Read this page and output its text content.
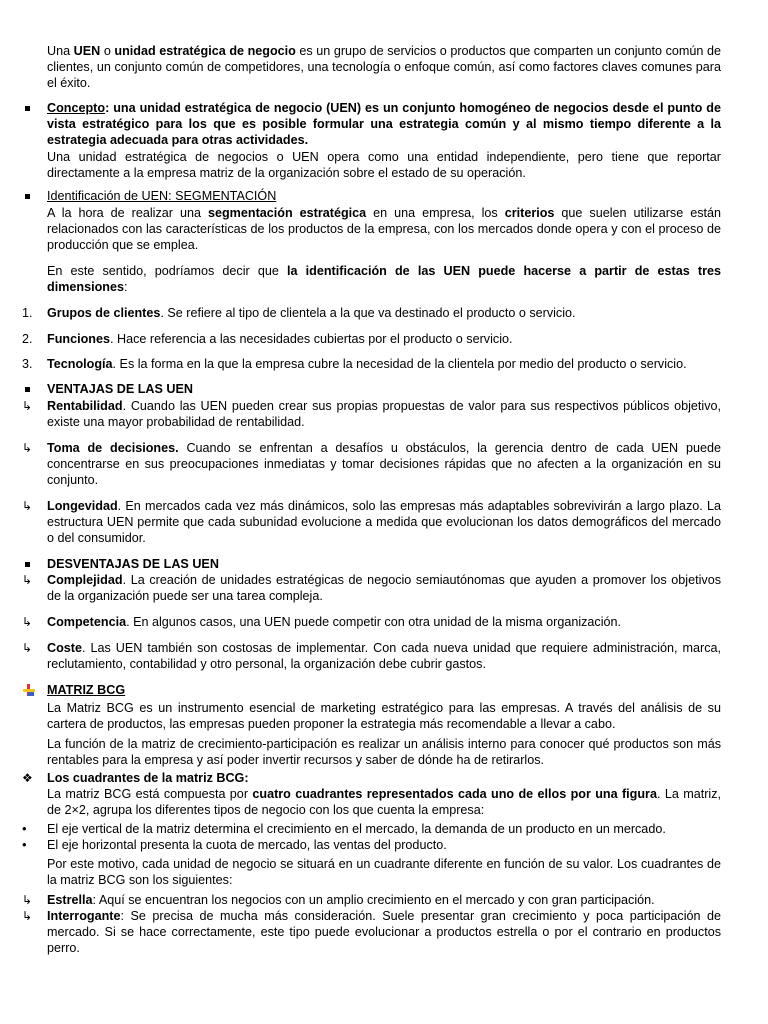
Una UEN o unidad estratégica de negocio es un grupo de servicios o productos que comparten un conjunto común de clientes, un conjunto común de competidores, una tecnología o enfoque común, así como factores claves comunes para el éxito.

Concepto: una unidad estratégica de negocio (UEN) es un conjunto homogéneo de negocios desde el punto de vista estratégico para los que es posible formular una estrategia común y al mismo tiempo diferente a la estrategia adecuada para otras actividades.

Una unidad estratégica de negocios o UEN opera como una entidad independiente, pero tiene que reportar directamente a la empresa matriz de la organización sobre el estado de su operación.

Identificación de UEN: SEGMENTACIÓN

A la hora de realizar una segmentación estratégica en una empresa, los criterios que suelen utilizarse están relacionados con las características de los productos de la empresa, con los mercados donde opera y con el proceso de producción que se emplea.

En este sentido, podríamos decir que la identificación de las UEN puede hacerse a partir de estas tres dimensiones:

1.	Grupos de clientes. Se refiere al tipo de clientela a la que va destinado el producto o servicio.

2.	Funciones. Hace referencia a las necesidades cubiertas por el producto o servicio.

3.	Tecnología. Es la forma en la que la empresa cubre la necesidad de la clientela por medio del producto o servicio.

VENTAJAS DE LAS UEN

↳	Rentabilidad. Cuando las UEN pueden crear sus propias propuestas de valor para sus respectivos públicos objetivo, existe una mayor probabilidad de rentabilidad.

↳	Toma de decisiones. Cuando se enfrentan a desafíos u obstáculos, la gerencia dentro de cada UEN puede concentrarse en sus preocupaciones inmediatas y tomar decisiones rápidas que no afecten a la organización en su conjunto.

↳	Longevidad. En mercados cada vez más dinámicos, solo las empresas más adaptables sobrevivirán a largo plazo. La estructura UEN permite que cada subunidad evolucione a medida que evolucionan los datos demográficos del mercado o del consumidor.

DESVENTAJAS DE LAS UEN

↳	Complejidad. La creación de unidades estratégicas de negocio semiautónomas que ayuden a promover los objetivos de la organización puede ser una tarea compleja.

↳	Competencia. En algunos casos, una UEN puede competir con otra unidad de la misma organización.

↳	Coste. Las UEN también son costosas de implementar. Con cada nueva unidad que requiere administración, marca, reclutamiento, contabilidad y otro personal, la organización debe cubrir gastos.

MATRIZ BCG

La Matriz BCG es un instrumento esencial de marketing estratégico para las empresas. A través del análisis de su cartera de productos, las empresas pueden proponer la estrategia más recomendable a llevar a cabo.

La función de la matriz de crecimiento-participación es realizar un análisis interno para conocer qué productos son más rentables para la empresa y así poder invertir recursos y saber de dónde ha de retirarlos.

❖	Los cuadrantes de la matriz BCG:

La matriz BCG está compuesta por cuatro cuadrantes representados cada uno de ellos por una figura. La matriz, de 2×2, agrupa los diferentes tipos de negocio con los que cuenta la empresa:

•	El eje vertical de la matriz determina el crecimiento en el mercado, la demanda de un producto en un mercado.

•	El eje horizontal presenta la cuota de mercado, las ventas del producto.

Por este motivo, cada unidad de negocio se situará en un cuadrante diferente en función de su valor. Los cuadrantes de la matriz BCG son los siguientes:

↳	Estrella: Aquí se encuentran los negocios con un amplio crecimiento en el mercado y con gran participación.

↳	Interrogante: Se precisa de mucha más consideración. Suele presentar gran crecimiento y poca participación de mercado. Si se hace correctamente, este tipo puede evolucionar a productos estrella o por el contrario en productos perro.
